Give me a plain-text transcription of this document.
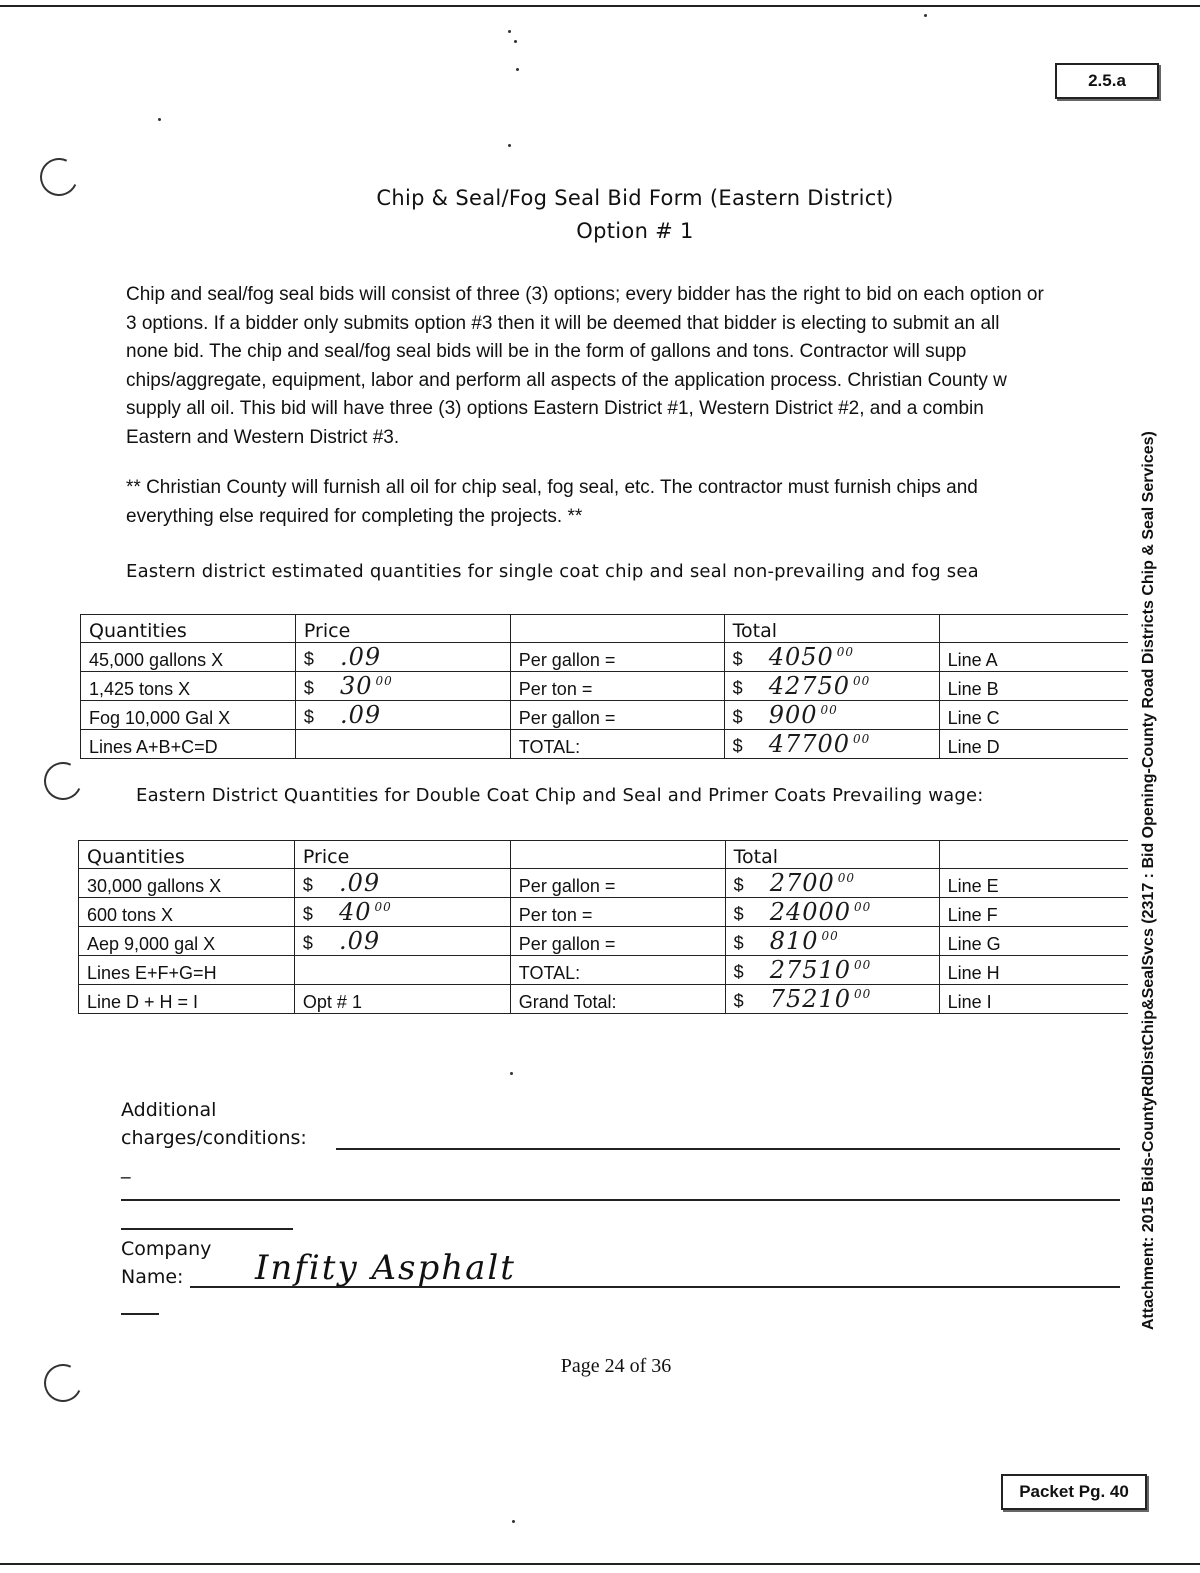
2.5.a
Chip & Seal/Fog Seal Bid Form (Eastern District)
Option # 1
Chip and seal/fog seal bids will consist of three (3) options; every bidder has the right to bid on each option or
3 options. If a bidder only submits option #3 then it will be deemed that bidder is electing to submit an all
none bid. The chip and seal/fog seal bids will be in the form of gallons and tons. Contractor will supp
chips/aggregate, equipment, labor and perform all aspects of the application process. Christian County w
supply all oil. This bid will have three (3) options Eastern District #1, Western District #2, and a combin
Eastern and Western District #3.
** Christian County will furnish all oil for chip seal, fog seal, etc. The contractor must furnish chips and
everything else required for completing the projects. **
Eastern district estimated quantities for single coat chip and seal non-prevailing and fog sea
Quantities	Price		Total	
45,000 gallons X	$ .09	Per gallon =	$ 4050 $^{00}$	Line A
1,425 tons X	$ 30 $^{00}$	Per ton =	$ 42750 $^{00}$	Line B
Fog 10,000 Gal X	$ .09	Per gallon =	$ 900 $^{00}$	Line C
Lines A+B+C=D		TOTAL:	$ 47700 $^{00}$	Line D
Eastern District Quantities for Double Coat Chip and Seal and Primer Coats Prevailing wage:
Quantities	Price		Total	
30,000 gallons X	$ .09	Per gallon =	$ 2700 $^{00}$	Line E
600 tons X	$ 40 $^{00}$	Per ton =	$ 24000 $^{00}$	Line F
Aep 9,000 gal X	$ .09	Per gallon =	$ 810 $^{00}$	Line G
Lines E+F+G=H		TOTAL:	$ 27510 $^{00}$	Line H
Line D + H = I	Opt # 1	Grand Total:	$ 75210 $^{00}$	Line I
Additional
charges/conditions:
_
Company
Name: Infity Asphalt
Page 24 of 36
Packet Pg. 40
Attachment: 2015 Bids-CountyRdDistChip&SealSvcs (2317 : Bid Opening-County Road Districts Chip & Seal Services)
